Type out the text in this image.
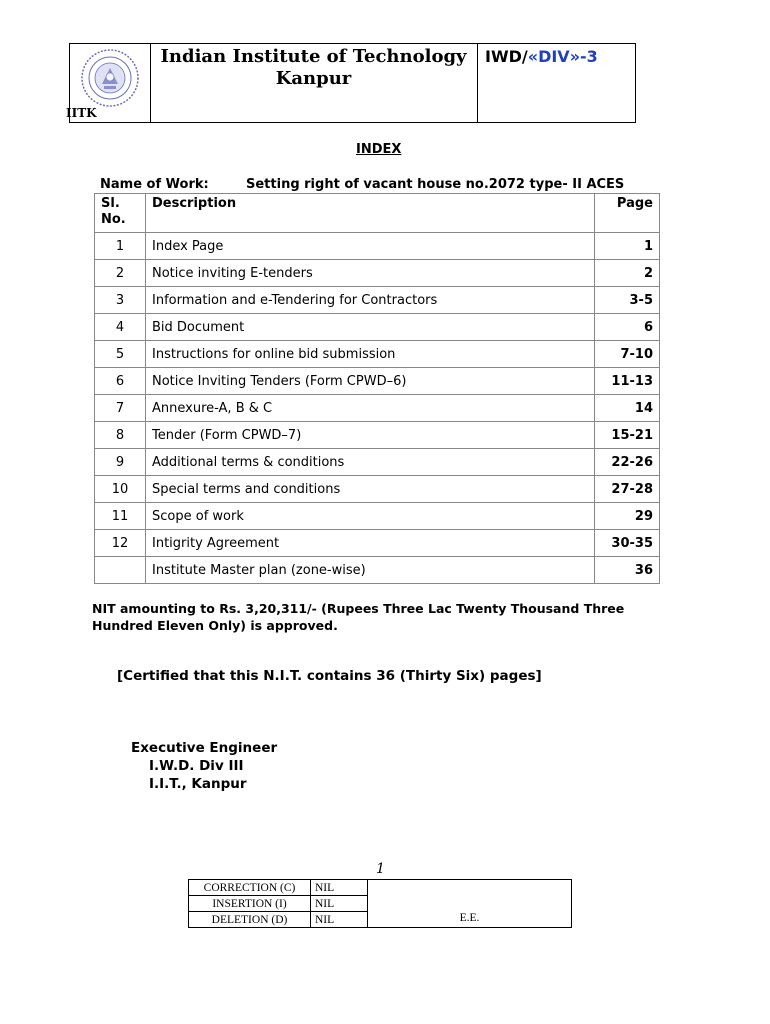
IITK
Indian Institute of Technology
Kanpur
IWD/«DIV»-3
INDEX
Name of Work:	Setting right of vacant house no.2072 type- II ACES
Sl.
No.	Description	Page
1	Index Page	1
2	Notice inviting E-tenders	2
3	Information and e-Tendering for Contractors	3-5
4	Bid Document	6
5	Instructions for online bid submission	7-10
6	Notice Inviting Tenders (Form CPWD–6)	11-13
7	Annexure-A, B & C	14
8	Tender (Form CPWD–7)	15-21
9	Additional terms & conditions	22-26
10	Special terms and conditions	27-28
11	Scope of work	29
12	Intigrity Agreement	30-35
	Institute Master plan (zone-wise)	36
NIT amounting to Rs. 3,20,311/- (Rupees Three Lac Twenty Thousand Three Hundred Eleven Only) is approved.
[Certified that this N.I.T. contains 36 (Thirty Six) pages]
Executive Engineer
I.W.D. Div III
I.I.T., Kanpur
1
CORRECTION (C)	NIL	E.E.
INSERTION (I)	NIL	
DELETION (D)	NIL	
